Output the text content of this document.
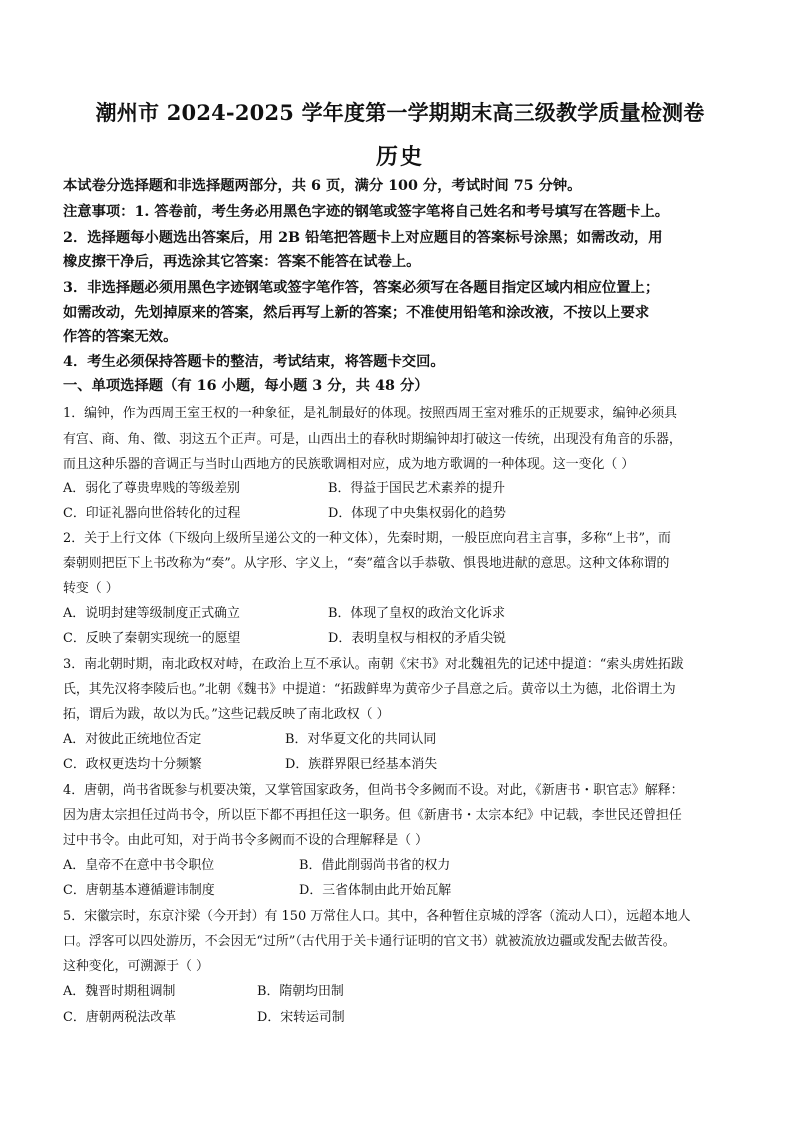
潮州市 2024-2025 学年度第一学期期末高三级教学质量检测卷
历史
本试卷分选择题和非选择题两部分，共 6 页，满分 100 分，考试时间 75 分钟。
注意事项：1. 答卷前，考生务必用黑色字迹的钢笔或签字笔将自己姓名和考号填写在答题卡上。
2．选择题每小题选出答案后，用 2B 铅笔把答题卡上对应题目的答案标号涂黑；如需改动，用
橡皮擦干净后，再选涂其它答案：答案不能答在试卷上。
3．非选择题必须用黑色字迹钢笔或签字笔作答，答案必须写在各题目指定区域内相应位置上；
如需改动，先划掉原来的答案，然后再写上新的答案；不准使用铅笔和涂改液，不按以上要求
作答的答案无效。
4．考生必须保持答题卡的整洁，考试结束，将答题卡交回。
一、单项选择题（有 16 小题，每小题 3 分，共 48 分）
1．编钟，作为西周王室王权的一种象征，是礼制最好的体现。按照西周王室对雅乐的正规要求，编钟必须具
有宫、商、角、徵、羽这五个正声。可是，山西出土的春秋时期编钟却打破这一传统，出现没有角音的乐器，
而且这种乐器的音调正与当时山西地方的民族歌调相对应，成为地方歌调的一种体现。这一变化（ ）
A．弱化了尊贵卑贱的等级差别	B．得益于国民艺术素养的提升
C．印证礼器向世俗转化的过程	D．体现了中央集权弱化的趋势
2．关于上行文体（下级向上级所呈递公文的一种文体），先秦时期，一般臣庶向君主言事，多称“上书”，而
秦朝则把臣下上书改称为“奏”。从字形、字义上，“奏”蕴含以手恭敬、惧畏地进献的意思。这种文体称谓的
转变（ ）
A．说明封建等级制度正式确立	B．体现了皇权的政治文化诉求
C．反映了秦朝实现统一的愿望	D．表明皇权与相权的矛盾尖锐
3．南北朝时期，南北政权对峙，在政治上互不承认。南朝《宋书》对北魏祖先的记述中提道：“索头虏姓拓跋
氏，其先汉将李陵后也。”北朝《魏书》中提道：“拓跋鲜卑为黄帝少子昌意之后。黄帝以土为德，北俗谓土为
拓，谓后为跋，故以为氏。”这些记载反映了南北政权（ ）
A．对彼此正统地位否定	B．对华夏文化的共同认同
C．政权更迭均十分频繁	D．族群界限已经基本消失
4．唐朝，尚书省既参与机要决策，又掌管国家政务，但尚书令多阙而不设。对此，《新唐书・职官志》解释：
因为唐太宗担任过尚书令，所以臣下都不再担任这一职务。但《新唐书・太宗本纪》中记载，李世民还曾担任
过中书令。由此可知，对于尚书令多阙而不设的合理解释是（ ）
A．皇帝不在意中书令职位	B．借此削弱尚书省的权力
C．唐朝基本遵循避讳制度	D．三省体制由此开始瓦解
5．宋徽宗时，东京汴梁（今开封）有 150 万常住人口。其中，各种暂住京城的浮客（流动人口），远超本地人
口。浮客可以四处游历，不会因无“过所”（古代用于关卡通行证明的官文书）就被流放边疆或发配去做苦役。
这种变化，可溯源于（ ）
A．魏晋时期租调制	B．隋朝均田制
C．唐朝两税法改革	D．宋转运司制
